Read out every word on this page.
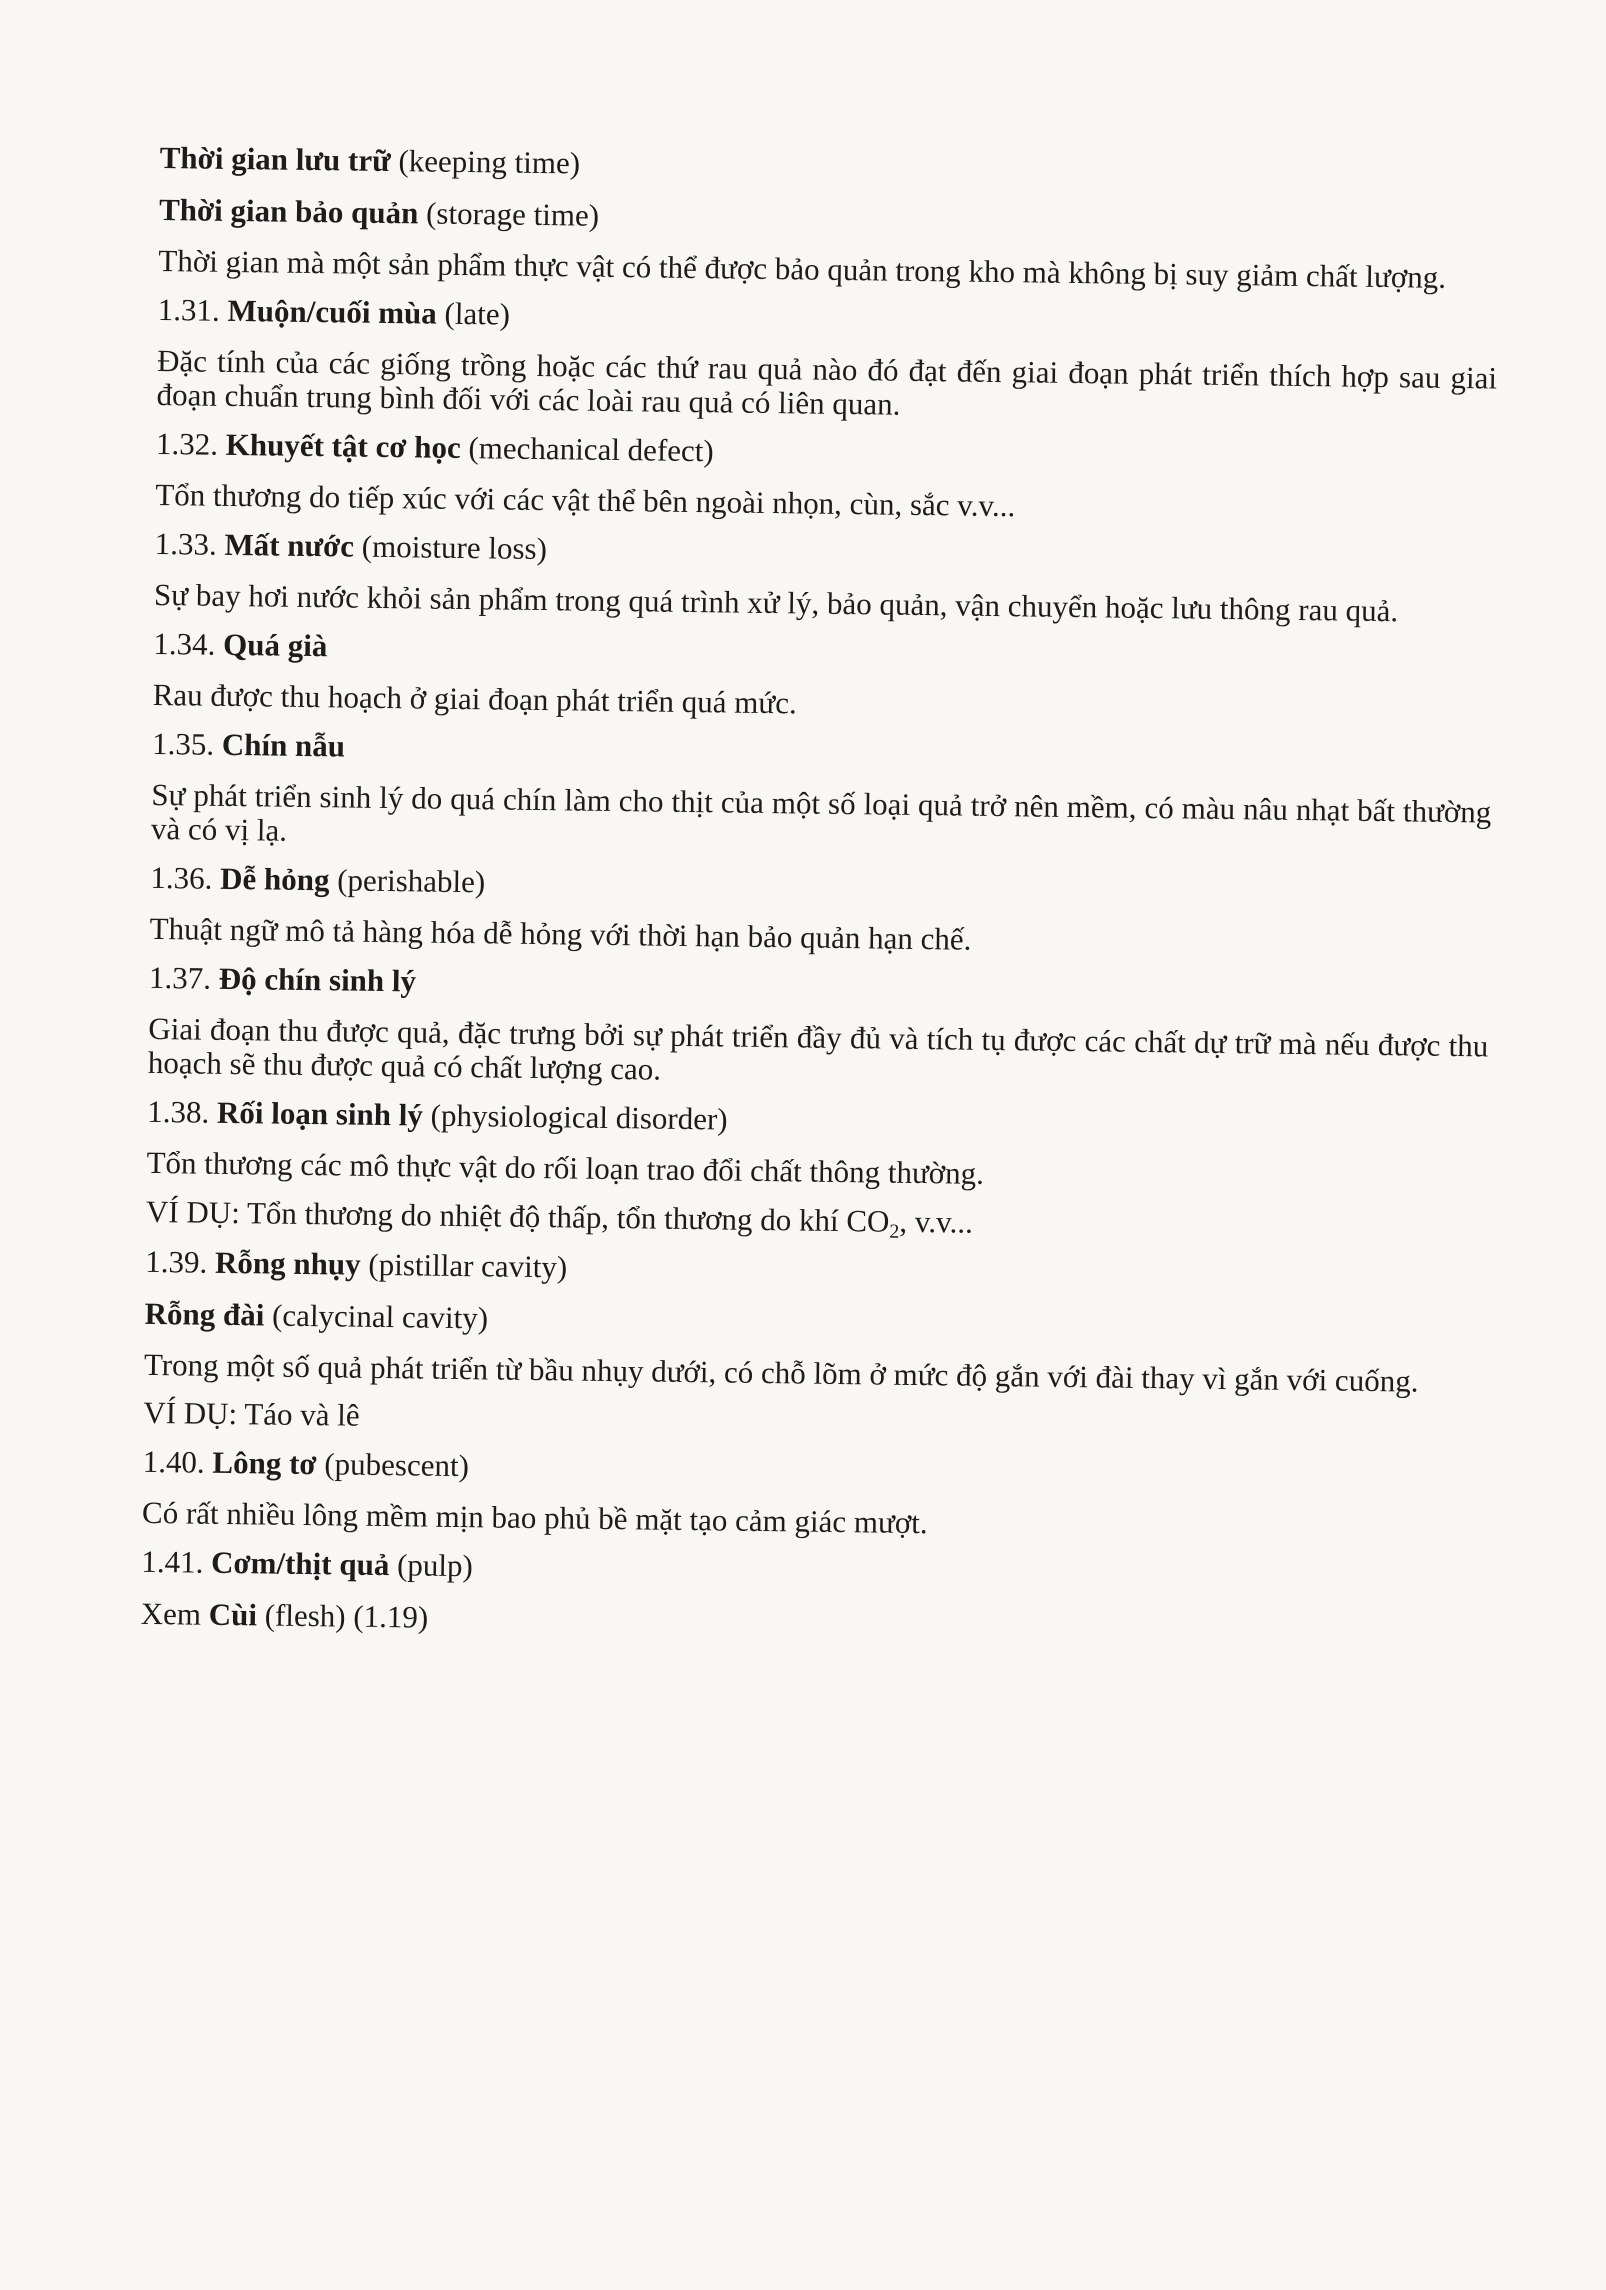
Thời gian lưu trữ (keeping time)

Thời gian bảo quản (storage time)

Thời gian mà một sản phẩm thực vật có thể được bảo quản trong kho mà không bị suy giảm chất lượng.

1.31. Muộn/cuối mùa (late)

Đặc tính của các giống trồng hoặc các thứ rau quả nào đó đạt đến giai đoạn phát triển thích hợp sau giai đoạn chuẩn trung bình đối với các loài rau quả có liên quan.

1.32. Khuyết tật cơ học (mechanical defect)

Tổn thương do tiếp xúc với các vật thể bên ngoài nhọn, cùn, sắc v.v...

1.33. Mất nước (moisture loss)

Sự bay hơi nước khỏi sản phẩm trong quá trình xử lý, bảo quản, vận chuyển hoặc lưu thông rau quả.

1.34. Quá già

Rau được thu hoạch ở giai đoạn phát triển quá mức.

1.35. Chín nẫu

Sự phát triển sinh lý do quá chín làm cho thịt của một số loại quả trở nên mềm, có màu nâu nhạt bất thường và có vị lạ.

1.36. Dễ hỏng (perishable)

Thuật ngữ mô tả hàng hóa dễ hỏng với thời hạn bảo quản hạn chế.

1.37. Độ chín sinh lý

Giai đoạn thu được quả, đặc trưng bởi sự phát triển đầy đủ và tích tụ được các chất dự trữ mà nếu được thu hoạch sẽ thu được quả có chất lượng cao.

1.38. Rối loạn sinh lý (physiological disorder)

Tổn thương các mô thực vật do rối loạn trao đổi chất thông thường.

VÍ DỤ: Tổn thương do nhiệt độ thấp, tổn thương do khí $CO_2$, v.v...

1.39. Rỗng nhụy (pistillar cavity)

Rỗng đài (calycinal cavity)

Trong một số quả phát triển từ bầu nhụy dưới, có chỗ lõm ở mức độ gắn với đài thay vì gắn với cuống.

VÍ DỤ: Táo và lê

1.40. Lông tơ (pubescent)

Có rất nhiều lông mềm mịn bao phủ bề mặt tạo cảm giác mượt.

1.41. Cơm/thịt quả (pulp)

Xem Cùi (flesh) (1.19)
